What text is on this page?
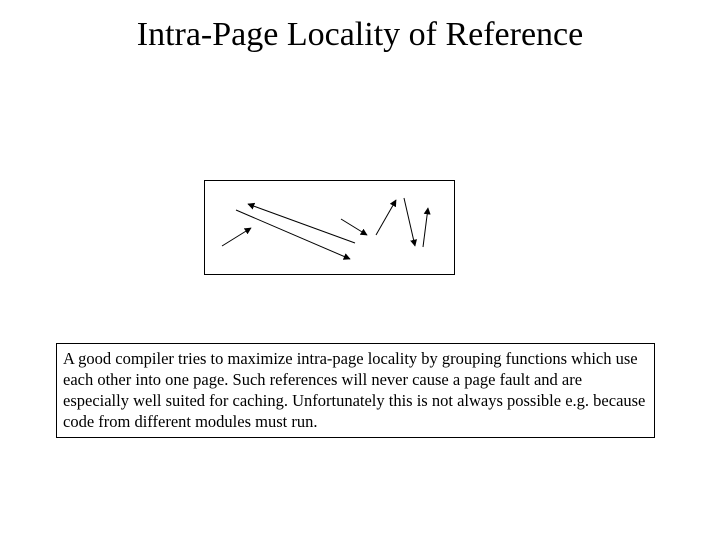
Intra-Page Locality of Reference

A good compiler tries to maximize intra-page locality by grouping functions which use each other into one page. Such references will never cause a page fault and are especially well suited for caching. Unfortunately this is not always possible e.g. because code from different modules must run.
